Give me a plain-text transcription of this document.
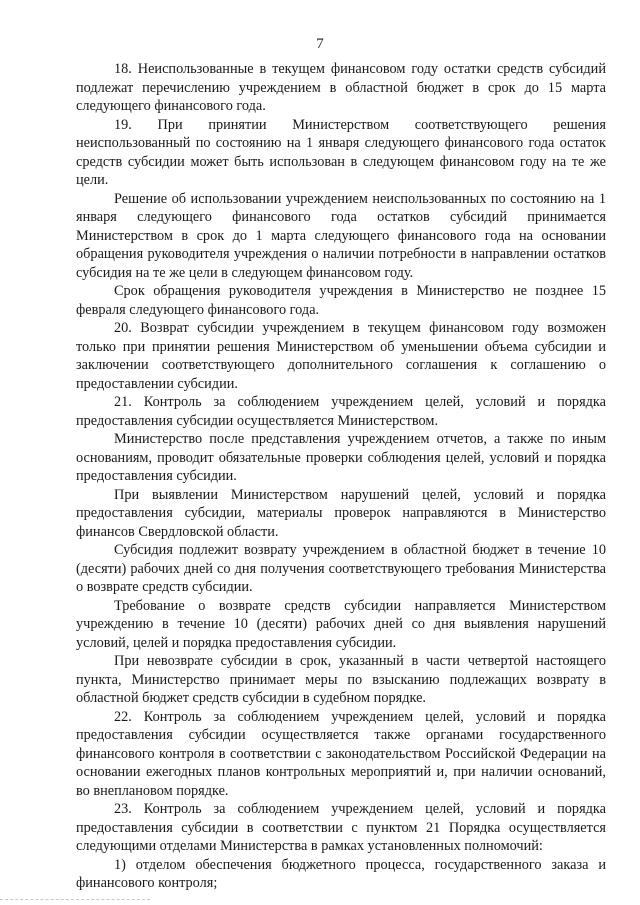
7

18. Неиспользованные в текущем финансовом году остатки средств субсидий подлежат перечислению учреждением в областной бюджет в срок до 15 марта следующего финансового года.

19. При принятии Министерством соответствующего решения неиспользованный по состоянию на 1 января следующего финансового года остаток средств субсидии может быть использован в следующем финансовом году на те же цели.

Решение об использовании учреждением неиспользованных по состоянию на 1 января следующего финансового года остатков субсидий принимается Министерством в срок до 1 марта следующего финансового года на основании обращения руководителя учреждения о наличии потребности в направлении остатков субсидия на те же цели в следующем финансовом году.

Срок обращения руководителя учреждения в Министерство не позднее 15 февраля следующего финансового года.

20. Возврат субсидии учреждением в текущем финансовом году возможен только при принятии решения Министерством об уменьшении объема субсидии и заключении соответствующего дополнительного соглашения к соглашению о предоставлении субсидии.

21. Контроль за соблюдением учреждением целей, условий и порядка предоставления субсидии осуществляется Министерством.

Министерство после представления учреждением отчетов, а также по иным основаниям, проводит обязательные проверки соблюдения целей, условий и порядка предоставления субсидии.

При выявлении Министерством нарушений целей, условий и порядка предоставления субсидии, материалы проверок направляются в Министерство финансов Свердловской области.

Субсидия подлежит возврату учреждением в областной бюджет в течение 10 (десяти) рабочих дней со дня получения соответствующего требования Министерства о возврате средств субсидии.

Требование о возврате средств субсидии направляется Министерством учреждению в течение 10 (десяти) рабочих дней со дня выявления нарушений условий, целей и порядка предоставления субсидии.

При невозврате субсидии в срок, указанный в части четвертой настоящего пункта, Министерство принимает меры по взысканию подлежащих возврату в областной бюджет средств субсидии в судебном порядке.

22. Контроль за соблюдением учреждением целей, условий и порядка предоставления субсидии осуществляется также органами государственного финансового контроля в соответствии с законодательством Российской Федерации на основании ежегодных планов контрольных мероприятий и, при наличии оснований, во внеплановом порядке.

23. Контроль за соблюдением учреждением целей, условий и порядка предоставления субсидии в соответствии с пунктом 21 Порядка осуществляется следующими отделами Министерства в рамках установленных полномочий:

1) отделом обеспечения бюджетного процесса, государственного заказа и финансового контроля;
